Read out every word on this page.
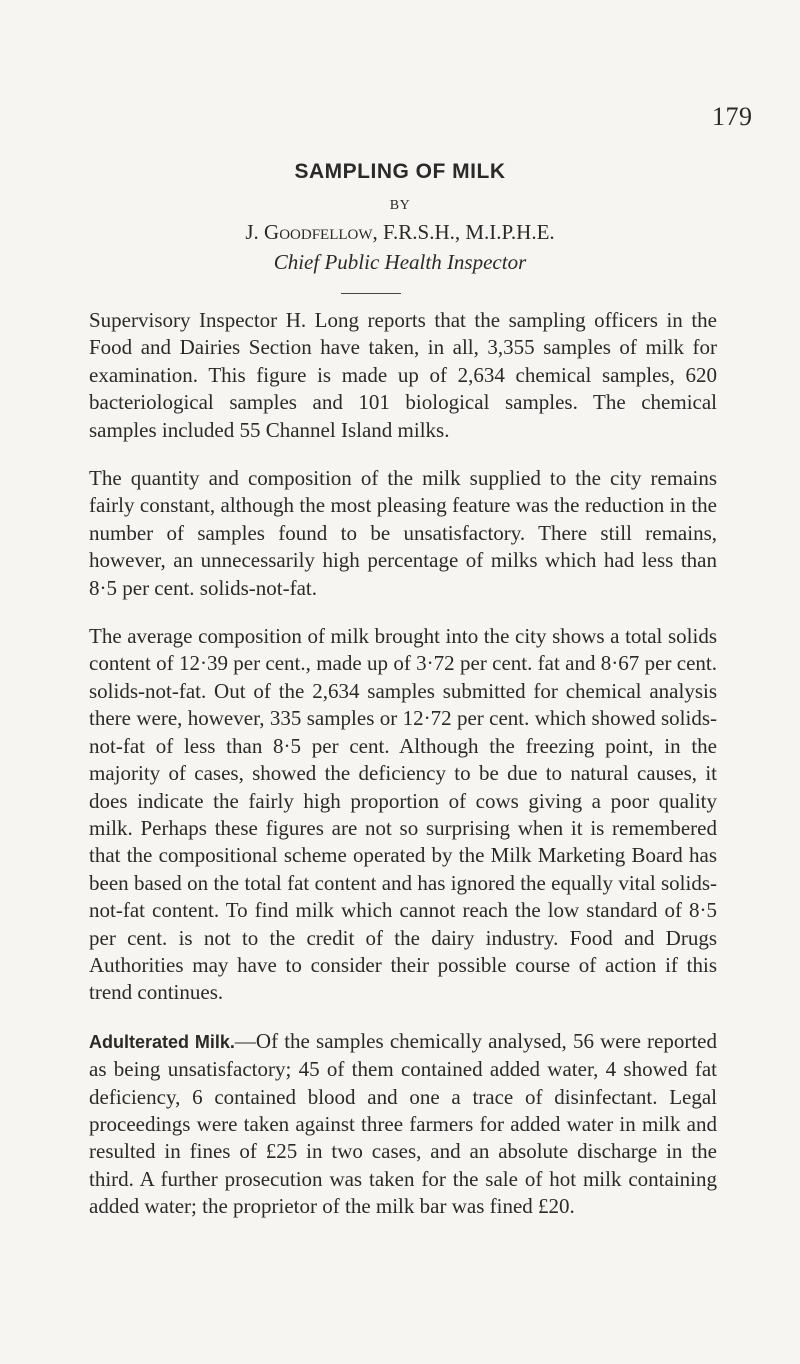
179
SAMPLING OF MILK
BY
J. Goodfellow, F.R.S.H., M.I.P.H.E.
Chief Public Health Inspector

Supervisory Inspector H. Long reports that the sampling officers in the Food and Dairies Section have taken, in all, 3,355 samples of milk for examination. This figure is made up of 2,634 chemical samples, 620 bacteriological samples and 101 biological samples. The chemical samples included 55 Channel Island milks.

The quantity and composition of the milk supplied to the city remains fairly constant, although the most pleasing feature was the reduction in the number of samples found to be unsatisfactory. There still remains, however, an unnecessarily high percentage of milks which had less than 8·5 per cent. solids-not-fat.

The average composition of milk brought into the city shows a total solids content of 12·39 per cent., made up of 3·72 per cent. fat and 8·67 per cent. solids-not-fat. Out of the 2,634 samples submitted for chemical analysis there were, however, 335 samples or 12·72 per cent. which showed solids-not-fat of less than 8·5 per cent. Although the freezing point, in the majority of cases, showed the deficiency to be due to natural causes, it does indicate the fairly high proportion of cows giving a poor quality milk. Perhaps these figures are not so surprising when it is remembered that the compositional scheme operated by the Milk Marketing Board has been based on the total fat content and has ignored the equally vital solids-not-fat content. To find milk which cannot reach the low standard of 8·5 per cent. is not to the credit of the dairy industry. Food and Drugs Authorities may have to consider their possible course of action if this trend continues.

Adulterated Milk.—Of the samples chemically analysed, 56 were reported as being unsatisfactory; 45 of them contained added water, 4 showed fat deficiency, 6 contained blood and one a trace of disinfectant. Legal proceedings were taken against three farmers for added water in milk and resulted in fines of £25 in two cases, and an absolute discharge in the third. A further prosecution was taken for the sale of hot milk containing added water; the proprietor of the milk bar was fined £20.
